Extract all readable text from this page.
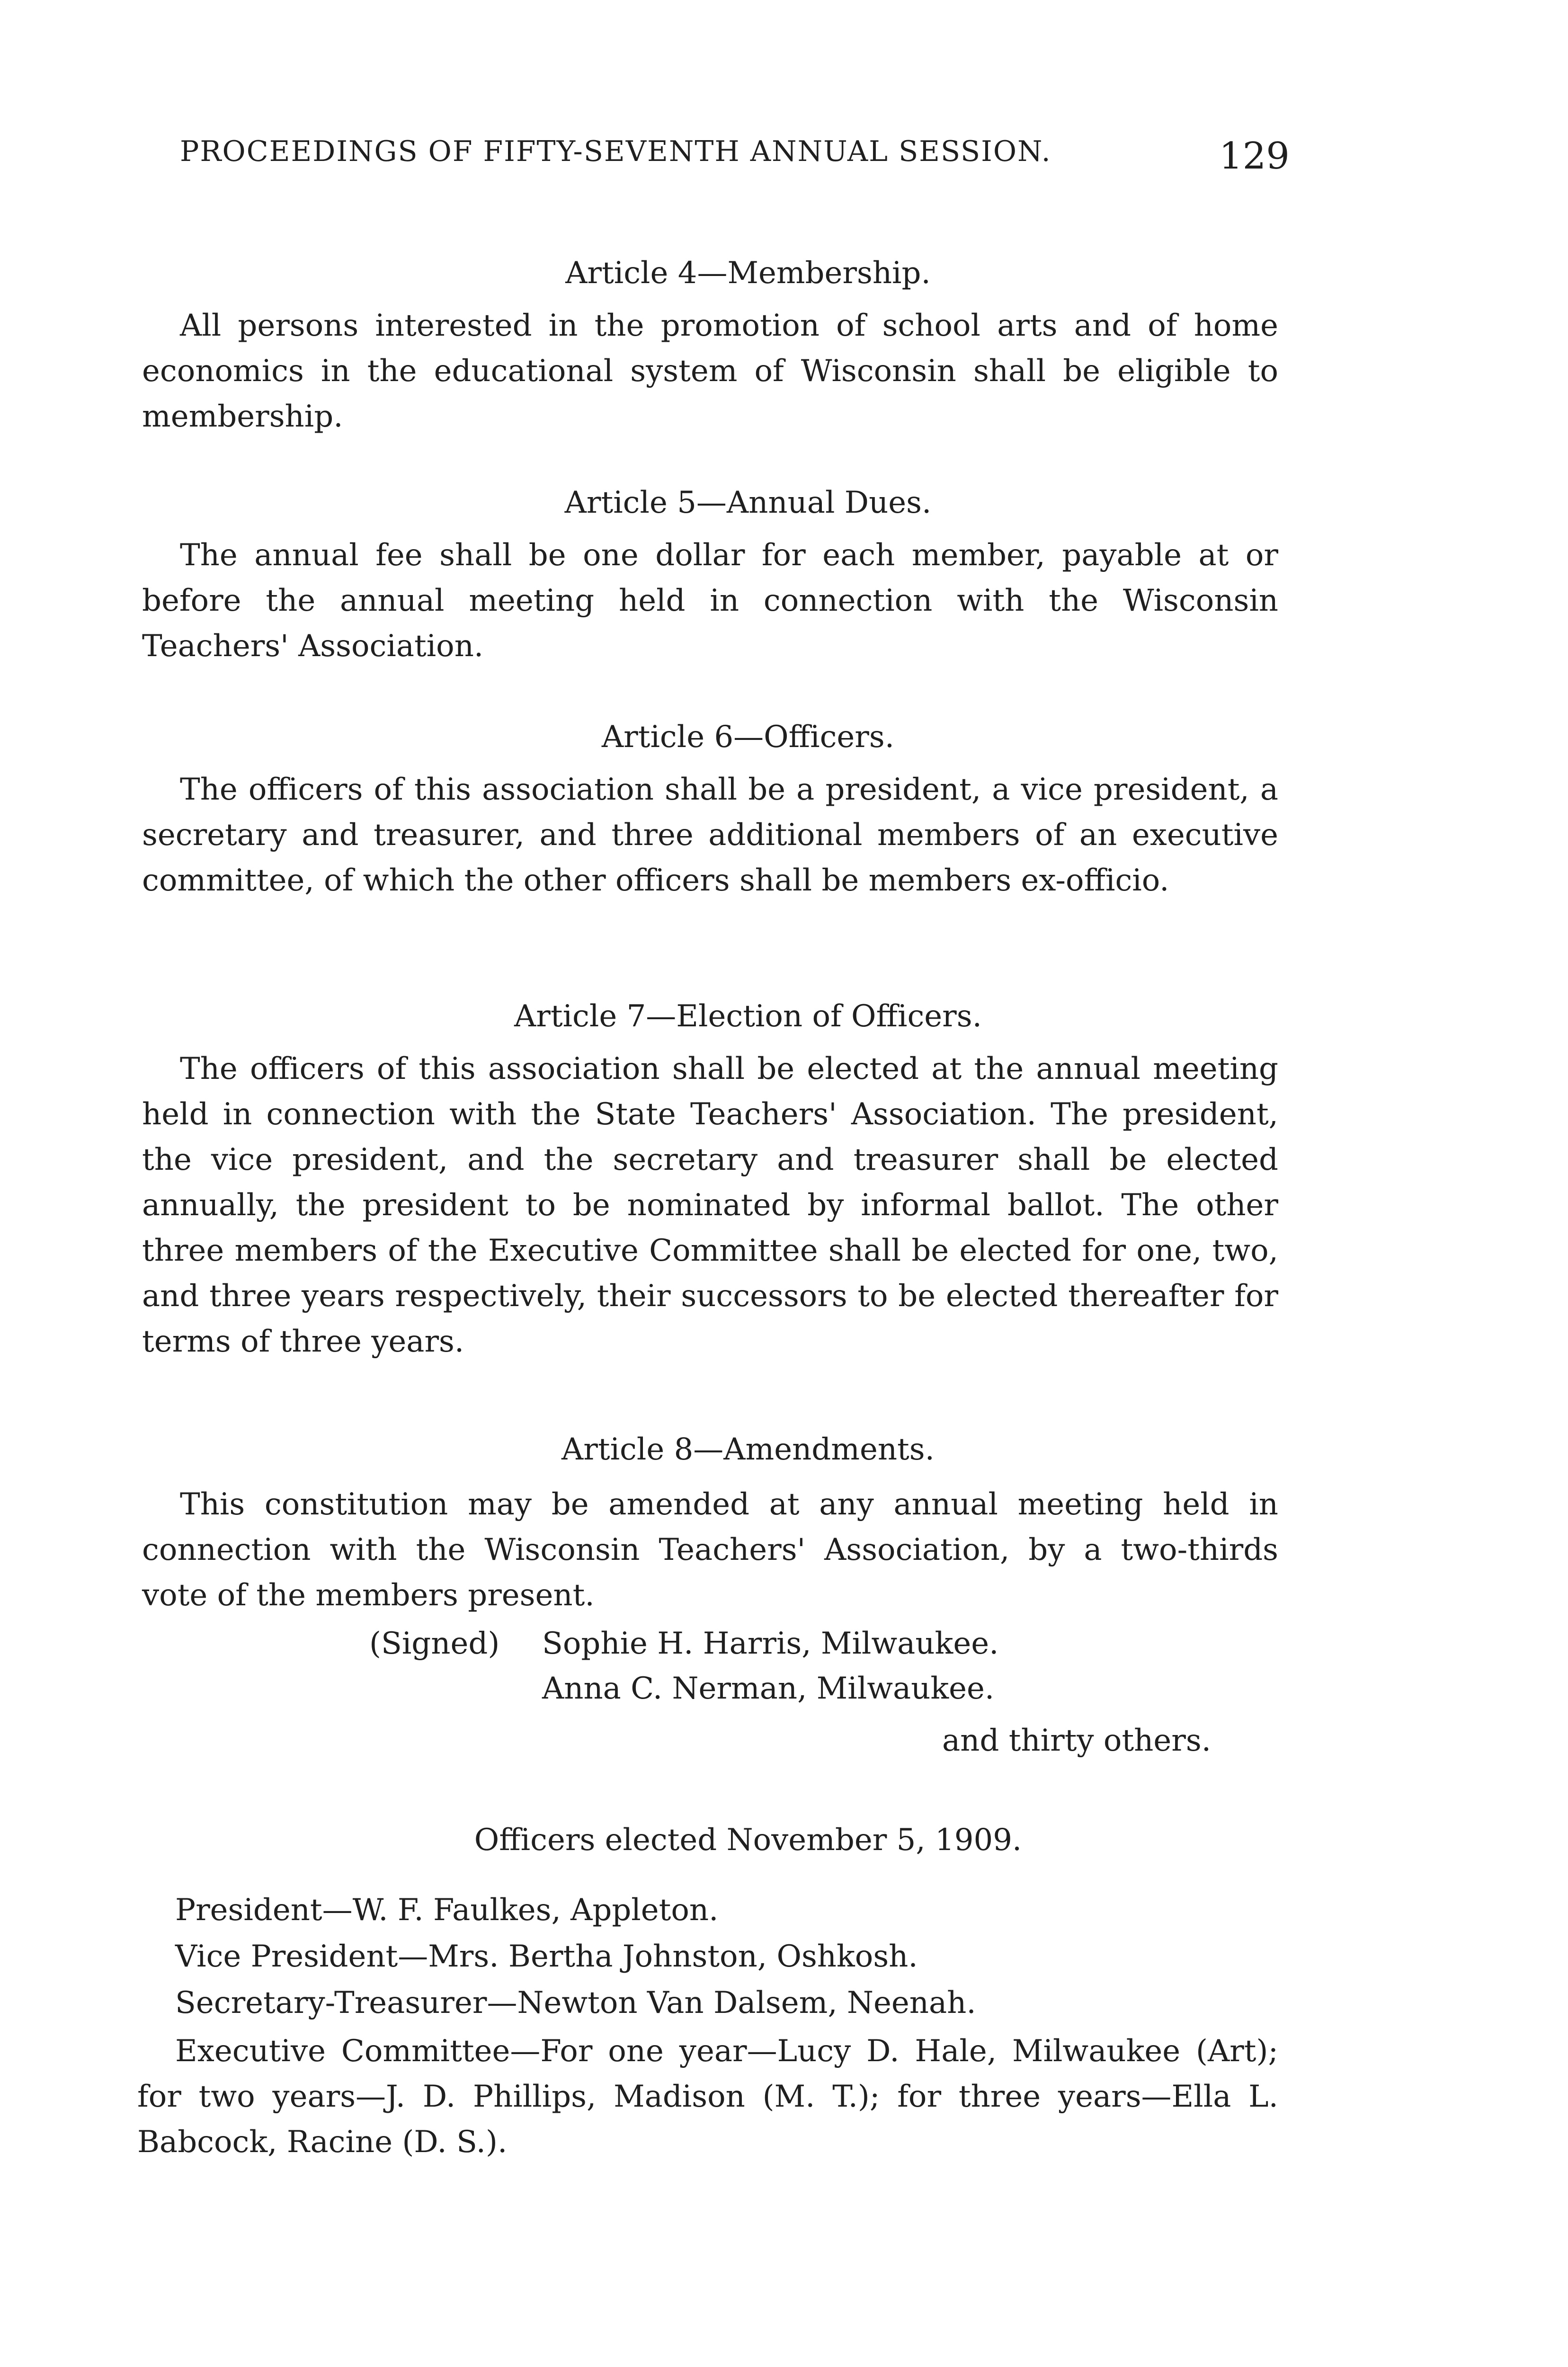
PROCEEDINGS OF FIFTY-SEVENTH ANNUAL SESSION.	129
Article 4—Membership.
All persons interested in the promotion of school arts and of home economics in the educational system of Wisconsin shall be eligible to membership.
Article 5—Annual Dues.
The annual fee shall be one dollar for each member, payable at or before the annual meeting held in connection with the Wisconsin Teachers' Association.
Article 6—Officers.
The officers of this association shall be a president, a vice president, a secretary and treasurer, and three additional members of an executive committee, of which the other officers shall be members ex-officio.
Article 7—Election of Officers.
The officers of this association shall be elected at the annual meeting held in connection with the State Teachers' Association. The president, the vice president, and the secretary and treasurer shall be elected annually, the president to be nominated by informal ballot. The other three members of the Executive Committee shall be elected for one, two, and three years respectively, their successors to be elected thereafter for terms of three years.
Article 8—Amendments.
This constitution may be amended at any annual meeting held in connection with the Wisconsin Teachers' Association, by a two-thirds vote of the members present.
(Signed) Sophie H. Harris, Milwaukee.
Anna C. Nerman, Milwaukee.
and thirty others.
Officers elected November 5, 1909.
President—W. F. Faulkes, Appleton.
Vice President—Mrs. Bertha Johnston, Oshkosh.
Secretary-Treasurer—Newton Van Dalsem, Neenah.
Executive Committee—For one year—Lucy D. Hale, Milwaukee (Art); for two years—J. D. Phillips, Madison (M. T.); for three years—Ella L. Babcock, Racine (D. S.).
